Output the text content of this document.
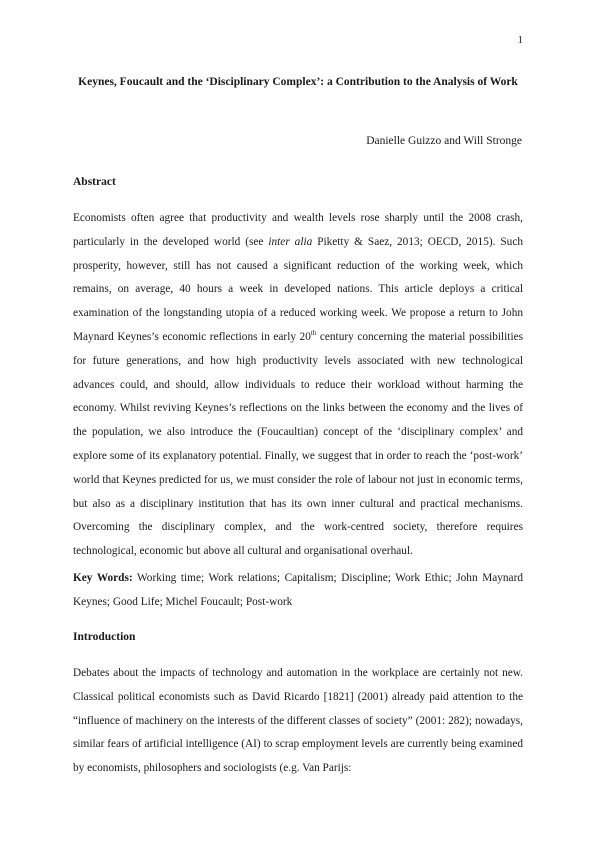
1
Keynes, Foucault and the ‘Disciplinary Complex’: a Contribution to the Analysis of Work
Danielle Guizzo and Will Stronge
Abstract
Economists often agree that productivity and wealth levels rose sharply until the 2008 crash, particularly in the developed world (see inter alia Piketty & Saez, 2013; OECD, 2015). Such prosperity, however, still has not caused a significant reduction of the working week, which remains, on average, 40 hours a week in developed nations. This article deploys a critical examination of the longstanding utopia of a reduced working week. We propose a return to John Maynard Keynes’s economic reflections in early 20th century concerning the material possibilities for future generations, and how high productivity levels associated with new technological advances could, and should, allow individuals to reduce their workload without harming the economy. Whilst reviving Keynes’s reflections on the links between the economy and the lives of the population, we also introduce the (Foucaultian) concept of the ‘disciplinary complex’ and explore some of its explanatory potential. Finally, we suggest that in order to reach the ‘post-work’ world that Keynes predicted for us, we must consider the role of labour not just in economic terms, but also as a disciplinary institution that has its own inner cultural and practical mechanisms. Overcoming the disciplinary complex, and the work-centred society, therefore requires technological, economic but above all cultural and organisational overhaul.
Key Words: Working time; Work relations; Capitalism; Discipline; Work Ethic; John Maynard Keynes; Good Life; Michel Foucault; Post-work
Introduction
Debates about the impacts of technology and automation in the workplace are certainly not new. Classical political economists such as David Ricardo [1821] (2001) already paid attention to the “influence of machinery on the interests of the different classes of society” (2001: 282); nowadays, similar fears of artificial intelligence (AI) to scrap employment levels are currently being examined by economists, philosophers and sociologists (e.g. Van Parijs:
